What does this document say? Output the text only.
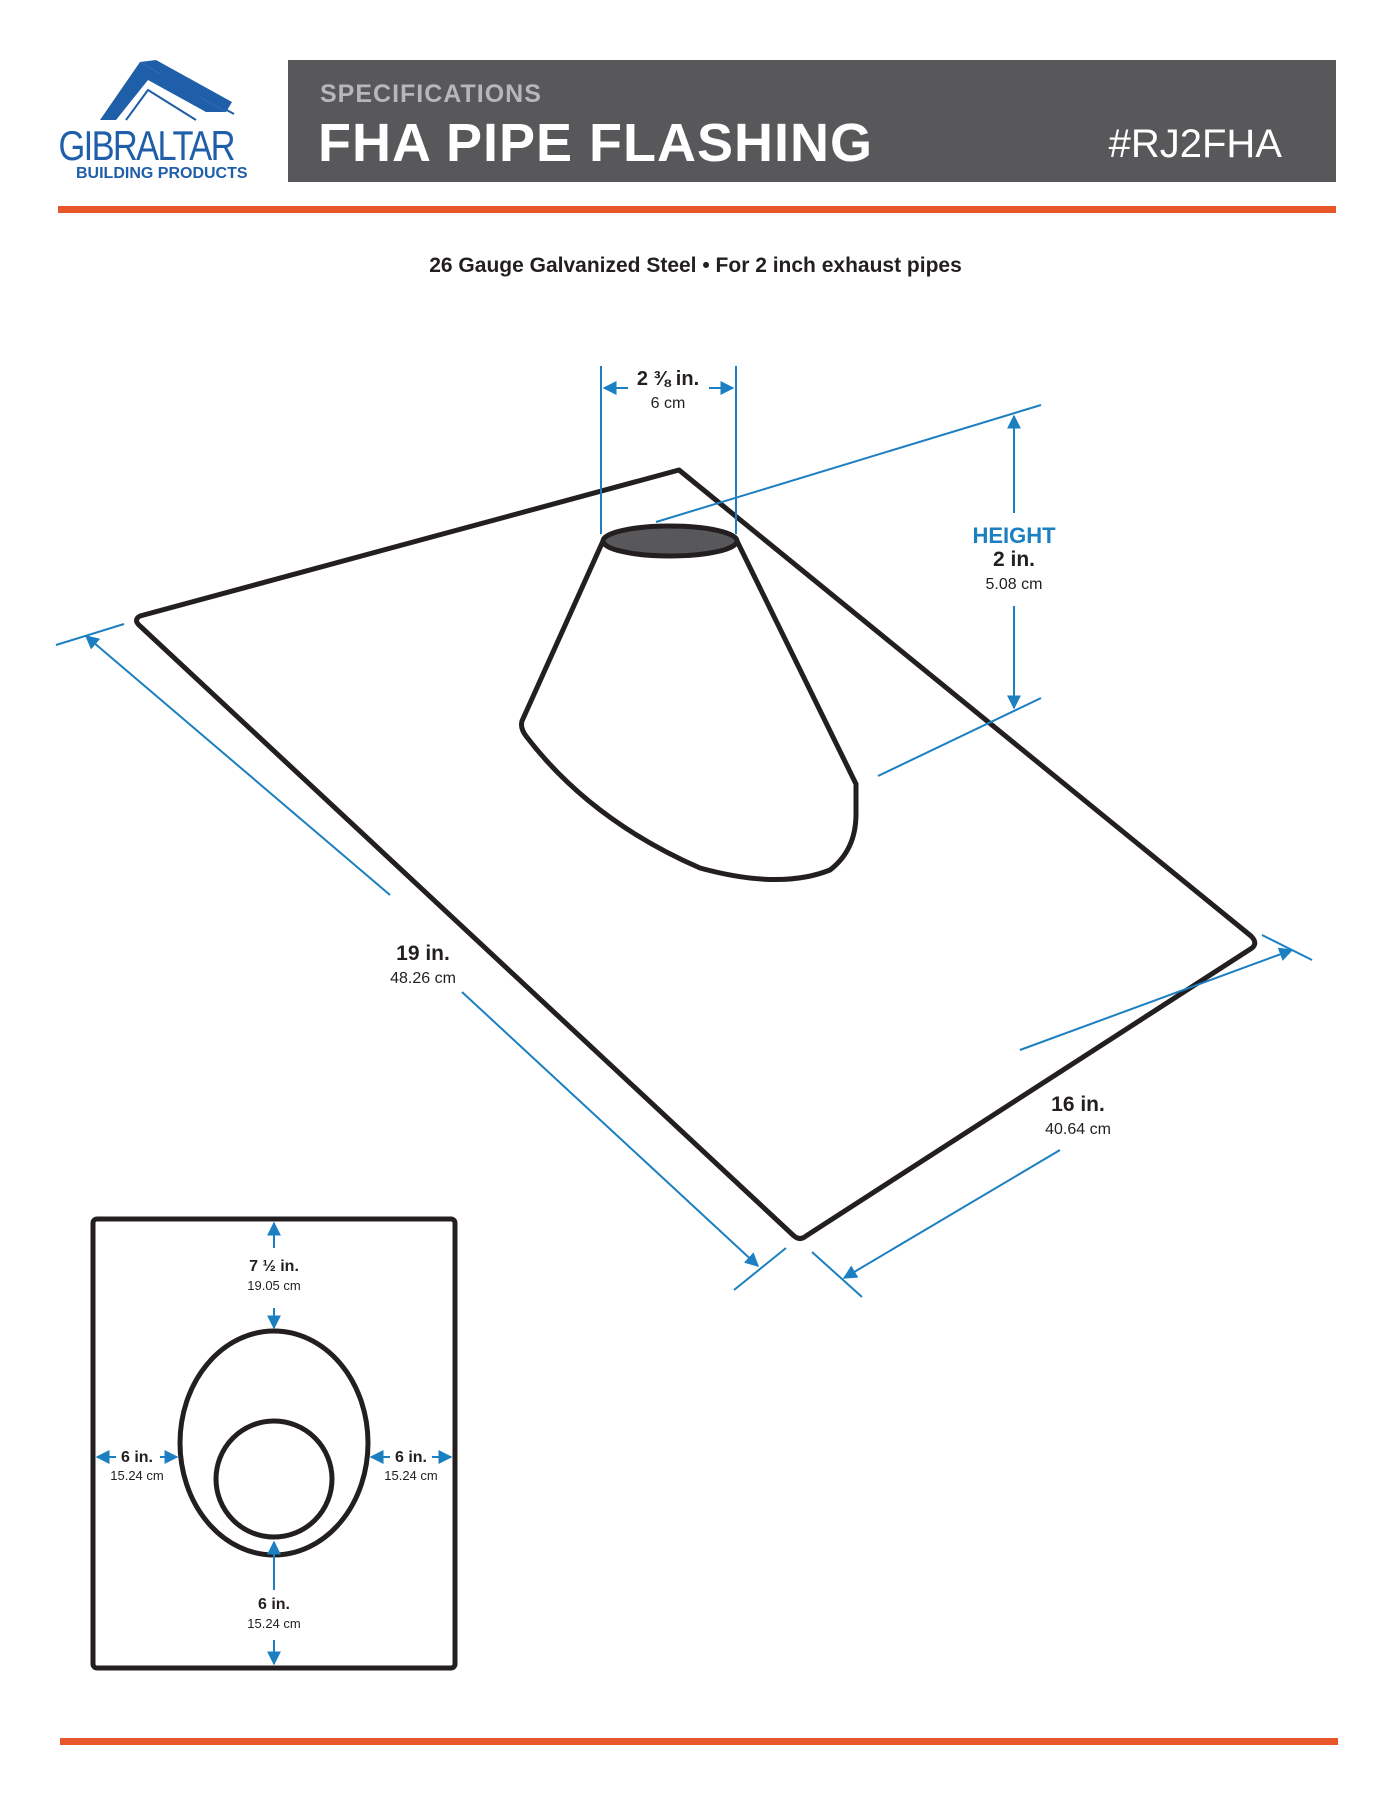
GIBRALTAR
BUILDING PRODUCTS
SPECIFICATIONS
FHA PIPE FLASHING	#RJ2FHA
26 Gauge Galvanized Steel • For 2 inch exhaust pipes
2 ⅜ in.
6 cm
HEIGHT
2 in.
5.08 cm
19 in.
48.26 cm
16 in.
40.64 cm
7 ½ in.
19.05 cm
6 in.
15.24 cm
6 in.
15.24 cm
6 in.
15.24 cm
